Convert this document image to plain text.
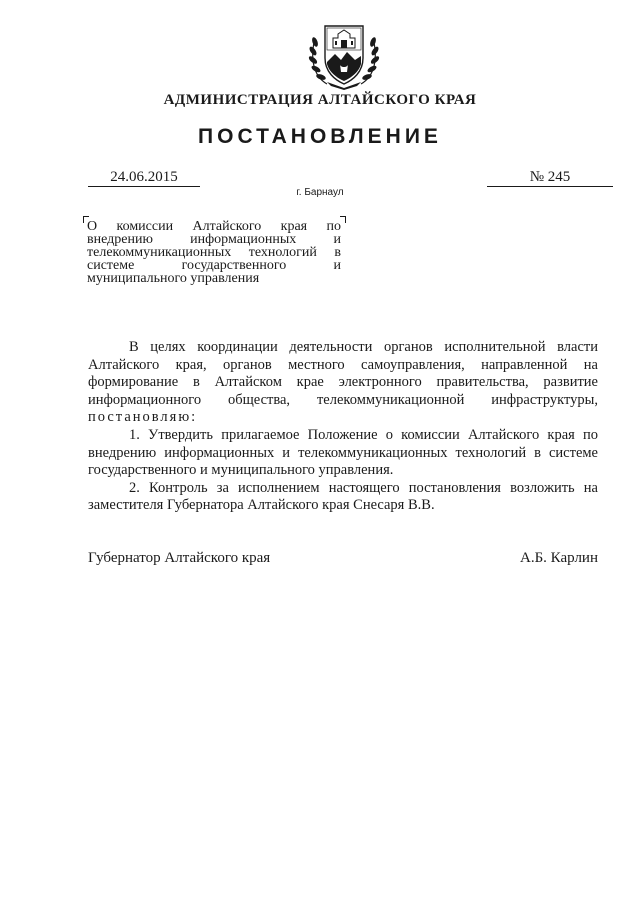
АДМИНИСТРАЦИЯ АЛТАЙСКОГО КРАЯ
ПОСТАНОВЛЕНИЕ
24.06.2015	№ 245
г. Барнаул

О комиссии Алтайского края по внедрению информационных и телекоммуникационных технологий в системе государственного и муниципального управления

В целях координации деятельности органов исполнительной власти Алтайского края, органов местного самоуправления, направленной на формирование в Алтайском крае электронного правительства, развитие информационного общества, телекоммуникационной инфраструктуры, постановляю:

1. Утвердить прилагаемое Положение о комиссии Алтайского края по внедрению информационных и телекоммуникационных технологий в системе государственного и муниципального управления.

2. Контроль за исполнением настоящего постановления возложить на заместителя Губернатора Алтайского края Снесаря В.В.

Губернатор Алтайского края	А.Б. Карлин
